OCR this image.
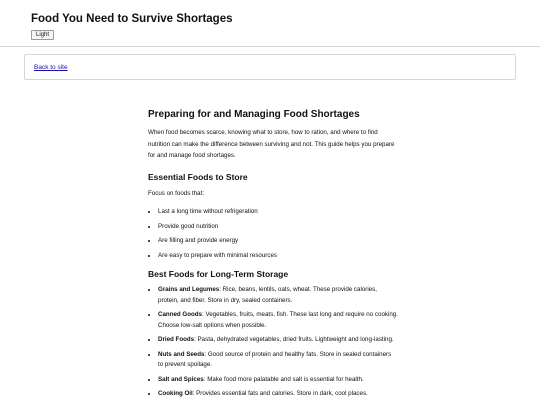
Food You Need to Survive Shortages
Light
Back to site
Preparing for and Managing Food Shortages

When food becomes scarce, knowing what to store, how to ration, and where to find nutrition can make the difference between surviving and not. This guide helps you prepare for and manage food shortages.

Essential Foods to Store

Focus on foods that:

• Last a long time without refrigeration
• Provide good nutrition
• Are filling and provide energy
• Are easy to prepare with minimal resources
Best Foods for Long-Term Storage
• Grains and Legumes: Rice, beans, lentils, oats, wheat. These provide calories, protein, and fiber. Store in dry, sealed containers.
• Canned Goods: Vegetables, fruits, meats, fish. These last long and require no cooking. Choose low-salt options when possible.
• Dried Foods: Pasta, dehydrated vegetables, dried fruits. Lightweight and long-lasting.
• Nuts and Seeds: Good source of protein and healthy fats. Store in sealed containers to prevent spoilage.
• Salt and Spices: Make food more palatable and salt is essential for health.
• Cooking Oil: Provides essential fats and calories. Store in dark, cool places.
